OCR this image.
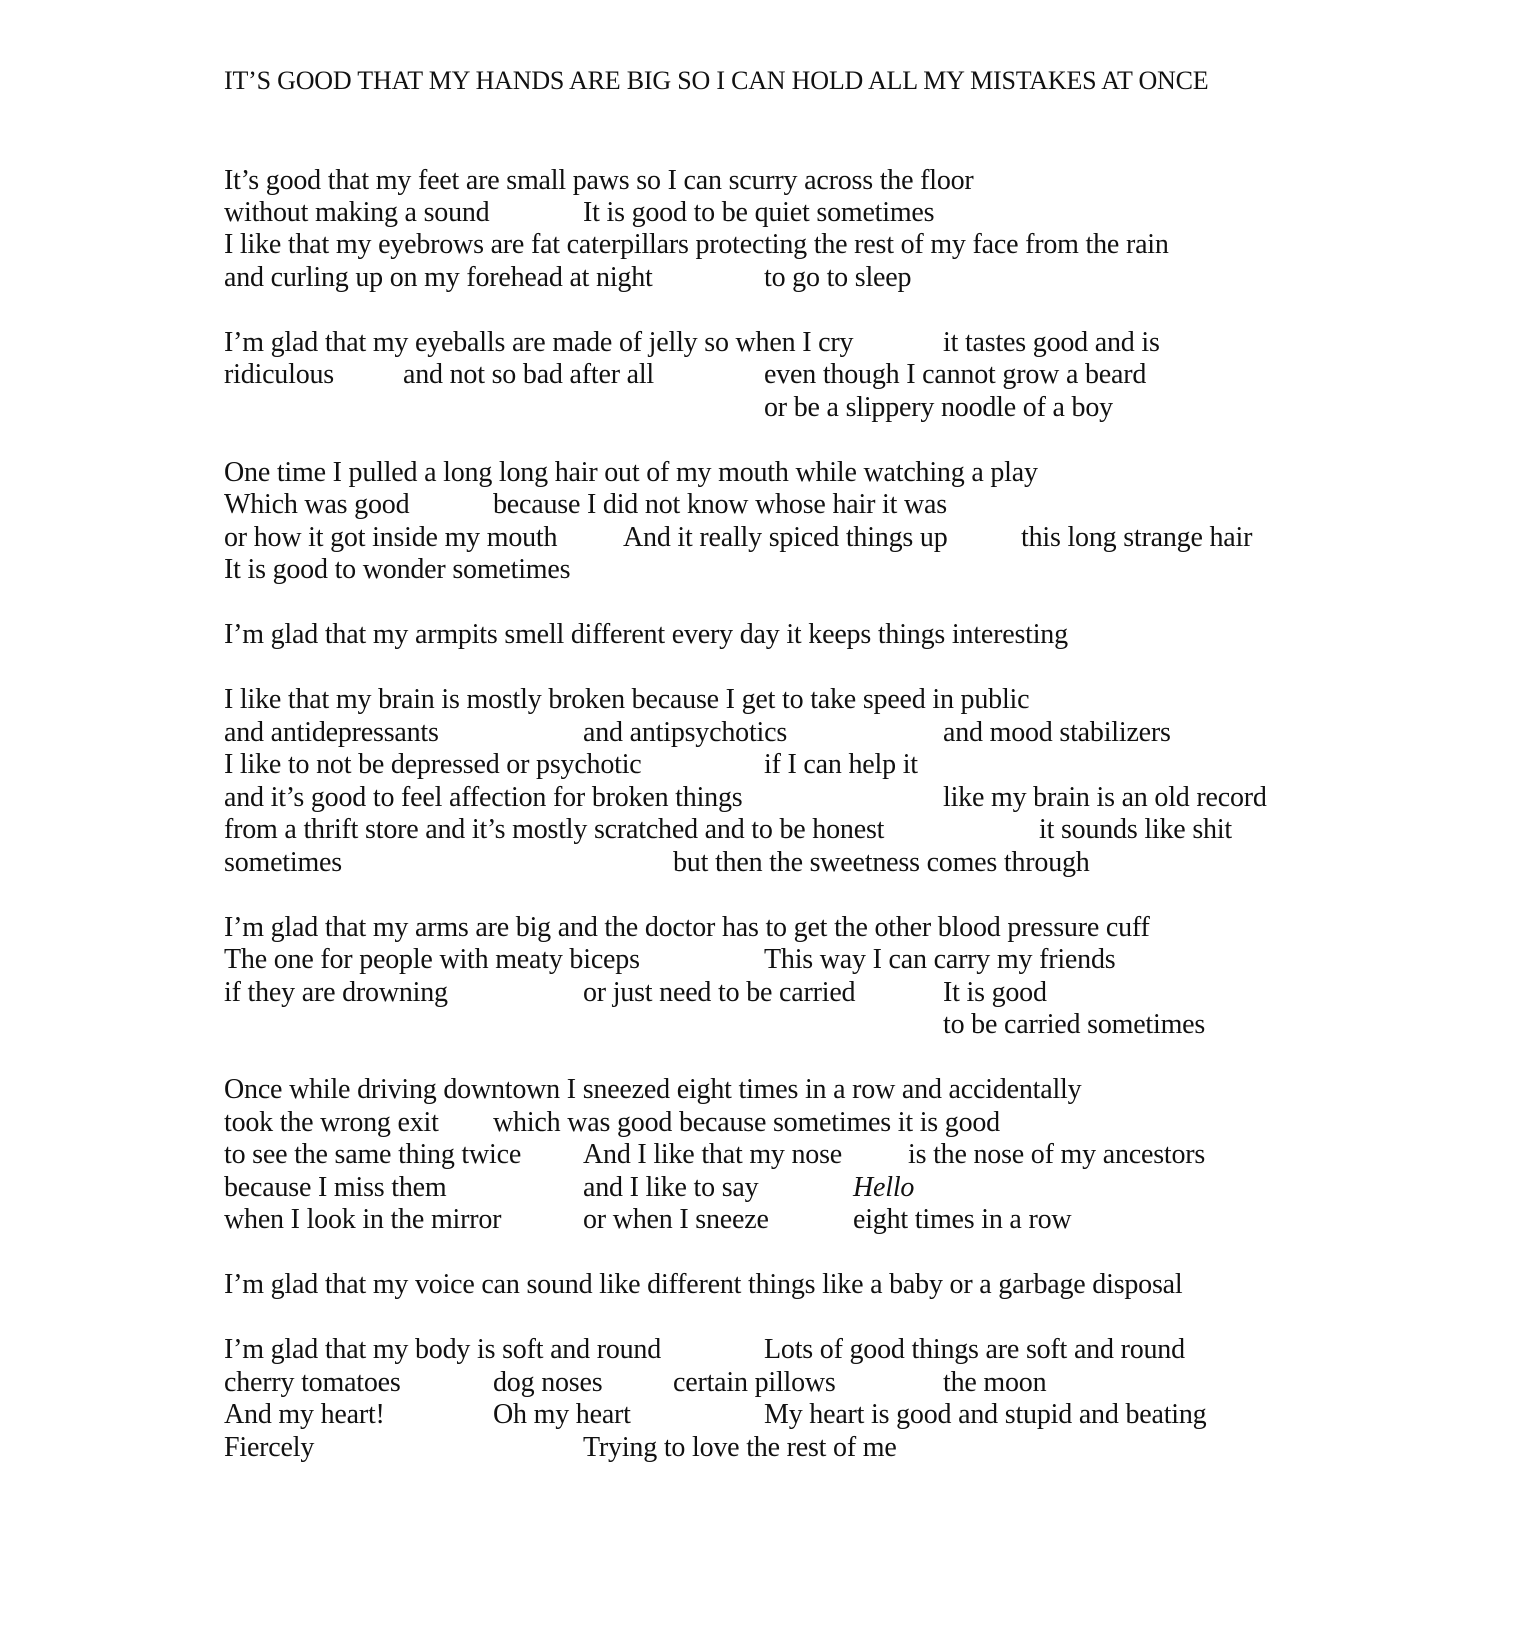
IT’S GOOD THAT MY HANDS ARE BIG SO I CAN HOLD ALL MY MISTAKES AT ONCE
It’s good that my feet are small paws so I can scurry across the floor
without making a sound	It is good to be quiet sometimes
I like that my eyebrows are fat caterpillars protecting the rest of my face from the rain
and curling up on my forehead at night	to go to sleep
I’m glad that my eyeballs are made of jelly so when I cry	it tastes good and is
ridiculous and not so bad after all	even though I cannot grow a beard
or be a slippery noodle of a boy
One time I pulled a long long hair out of my mouth while watching a play
Which was good	because I did not know whose hair it was
or how it got inside my mouth And it really spiced things up	this long strange hair
It is good to wonder sometimes
I’m glad that my armpits smell different every day it keeps things interesting
I like that my brain is mostly broken because I get to take speed in public
and antidepressants	and antipsychotics	and mood stabilizers
I like to not be depressed or psychotic	if I can help it
and it’s good to feel affection for broken things	like my brain is an old record
from a thrift store and it’s mostly scratched and to be honest	it sounds like shit
sometimes	but then the sweetness comes through
I’m glad that my arms are big and the doctor has to get the other blood pressure cuff
The one for people with meaty biceps	This way I can carry my friends
if they are drowning	or just need to be carried	It is good
to be carried sometimes
Once while driving downtown I sneezed eight times in a row and accidentally
took the wrong exit which was good because sometimes it is good
to see the same thing twice And I like that my nose is the nose of my ancestors
because I miss them	and I like to say	Hello
when I look in the mirror	or when I sneeze	eight times in a row
I’m glad that my voice can sound like different things like a baby or a garbage disposal
I’m glad that my body is soft and round	Lots of good things are soft and round
cherry tomatoes	dog noses	certain pillows	the moon
And my heart!	Oh my heart	My heart is good and stupid and beating
Fiercely	Trying to love the rest of me
